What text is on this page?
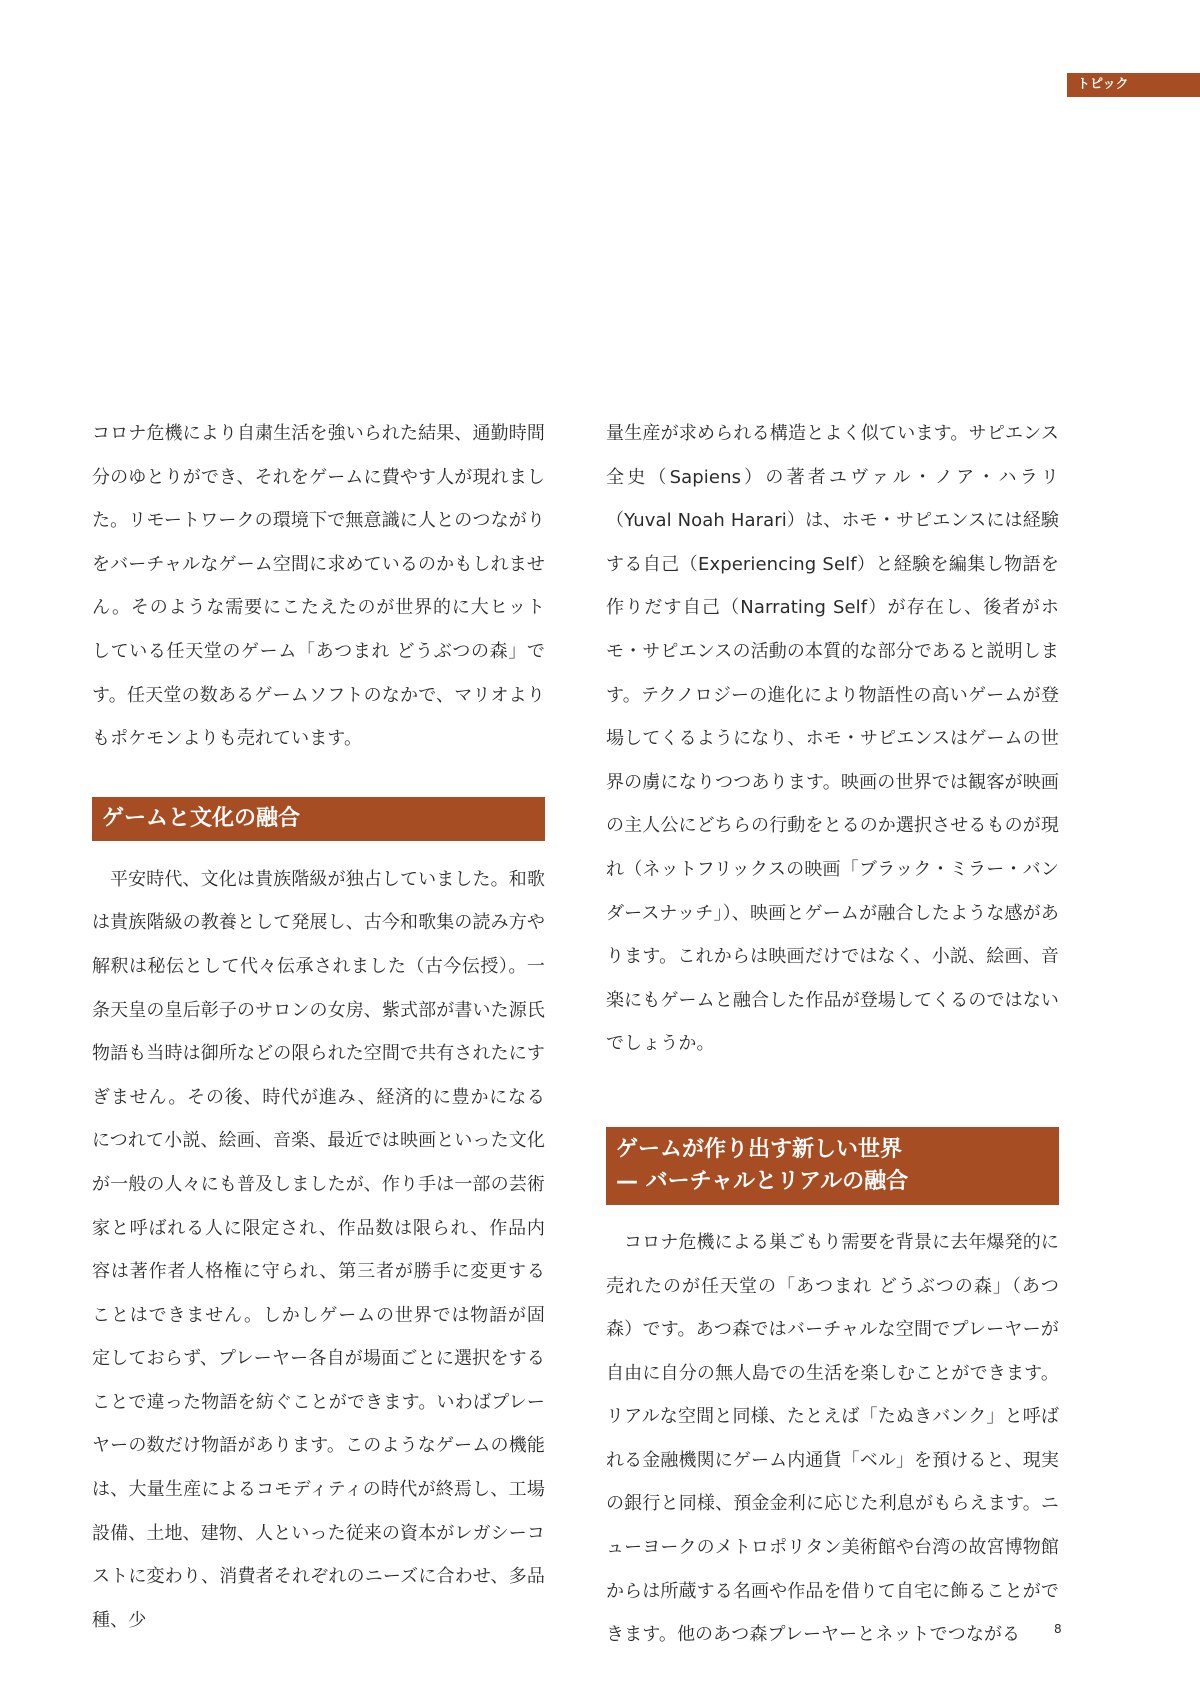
トピック

コロナ危機により自粛生活を強いられた結果、通勤時間分のゆとりができ、それをゲームに費やす人が現れました。リモートワークの環境下で無意識に人とのつながりをバーチャルなゲーム空間に求めているのかもしれません。そのような需要にこたえたのが世界的に大ヒットしている任天堂のゲーム「あつまれ どうぶつの森」です。任天堂の数あるゲームソフトのなかで、マリオよりもポケモンよりも売れています。

ゲームと文化の融合

平安時代、文化は貴族階級が独占していました。和歌は貴族階級の教養として発展し、古今和歌集の読み方や解釈は秘伝として代々伝承されました（古今伝授）。一条天皇の皇后彰子のサロンの女房、紫式部が書いた源氏物語も当時は御所などの限られた空間で共有されたにすぎません。その後、時代が進み、経済的に豊かになるにつれて小説、絵画、音楽、最近では映画といった文化が一般の人々にも普及しましたが、作り手は一部の芸術家と呼ばれる人に限定され、作品数は限られ、作品内容は著作者人格権に守られ、第三者が勝手に変更することはできません。しかしゲームの世界では物語が固定しておらず、プレーヤー各自が場面ごとに選択をすることで違った物語を紡ぐことができます。いわばプレーヤーの数だけ物語があります。このようなゲームの機能は、大量生産によるコモディティの時代が終焉し、工場設備、土地、建物、人といった従来の資本がレガシーコストに変わり、消費者それぞれのニーズに合わせ、多品種、少

量生産が求められる構造とよく似ています。サピエンス全史（Sapiens）の著者ユヴァル・ノア・ハラリ（Yuval Noah Harari）は、ホモ・サピエンスには経験する自己（Experiencing Self）と経験を編集し物語を作りだす自己（Narrating Self）が存在し、後者がホモ・サピエンスの活動の本質的な部分であると説明します。テクノロジーの進化により物語性の高いゲームが登場してくるようになり、ホモ・サピエンスはゲームの世界の虜になりつつあります。映画の世界では観客が映画の主人公にどちらの行動をとるのか選択させるものが現れ（ネットフリックスの映画「ブラック・ミラー・バンダースナッチ」）、映画とゲームが融合したような感があります。これからは映画だけではなく、小説、絵画、音楽にもゲームと融合した作品が登場してくるのではないでしょうか。

ゲームが作り出す新しい世界
— バーチャルとリアルの融合

コロナ危機による巣ごもり需要を背景に去年爆発的に売れたのが任天堂の「あつまれ どうぶつの森」（あつ森）です。あつ森ではバーチャルな空間でプレーヤーが自由に自分の無人島での生活を楽しむことができます。リアルな空間と同様、たとえば「たぬきバンク」と呼ばれる金融機関にゲーム内通貨「ベル」を預けると、現実の銀行と同様、預金金利に応じた利息がもらえます。ニューヨークのメトロポリタン美術館や台湾の故宮博物館からは所蔵する名画や作品を借りて自宅に飾ることができます。他のあつ森プレーヤーとネットでつながる	8
